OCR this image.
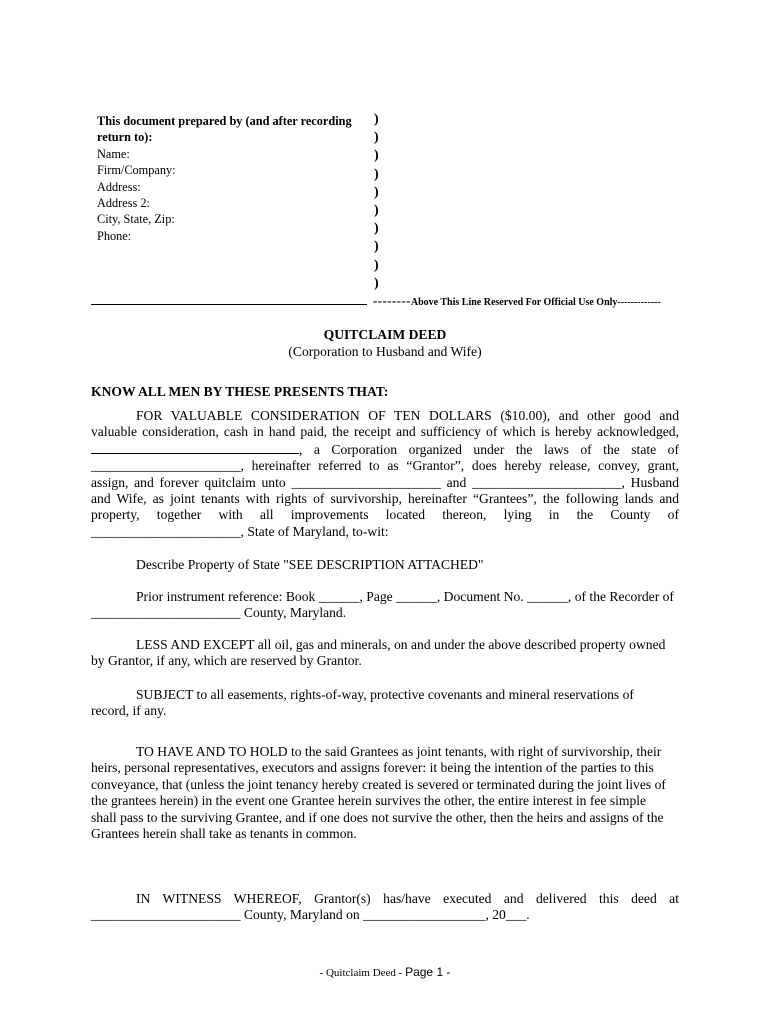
This document prepared by (and after recording
return to):
Name:
Firm/Company:
Address:
Address 2:
City, State, Zip:
Phone:
)
)
)
)
)
)
)
)
)
)
--------Above This Line Reserved For Official Use Only-------------
QUITCLAIM DEED
(Corporation to Husband and Wife)
KNOW ALL MEN BY THESE PRESENTS THAT:
FOR VALUABLE CONSIDERATION OF TEN DOLLARS ($10.00), and other good and
valuable consideration, cash in hand paid, the receipt and sufficiency of which is hereby acknowledged,
, a Corporation organized under the laws of the state of
______________________, hereinafter referred to as “Grantor”, does hereby release, convey, grant,
assign, and forever quitclaim unto ______________________ and ______________________, Husband
and Wife, as joint tenants with rights of survivorship, hereinafter “Grantees”, the following lands and
property, together with all improvements located thereon, lying in the County of
______________________, State of Maryland, to-wit:
Describe Property of State "SEE DESCRIPTION ATTACHED"
Prior instrument reference: Book ______, Page ______, Document No. ______, of the Recorder of
______________________ County, Maryland.
LESS AND EXCEPT all oil, gas and minerals, on and under the above described property owned
by Grantor, if any, which are reserved by Grantor.
SUBJECT to all easements, rights-of-way, protective covenants and mineral reservations of
record, if any.
TO HAVE AND TO HOLD to the said Grantees as joint tenants, with right of survivorship, their
heirs, personal representatives, executors and assigns forever: it being the intention of the parties to this
conveyance, that (unless the joint tenancy hereby created is severed or terminated during the joint lives of
the grantees herein) in the event one Grantee herein survives the other, the entire interest in fee simple
shall pass to the surviving Grantee, and if one does not survive the other, then the heirs and assigns of the
Grantees herein shall take as tenants in common.
IN WITNESS WHEREOF, Grantor(s) has/have executed and delivered this deed at
______________________ County, Maryland on __________________, 20___.
- Quitclaim Deed - Page 1 -
